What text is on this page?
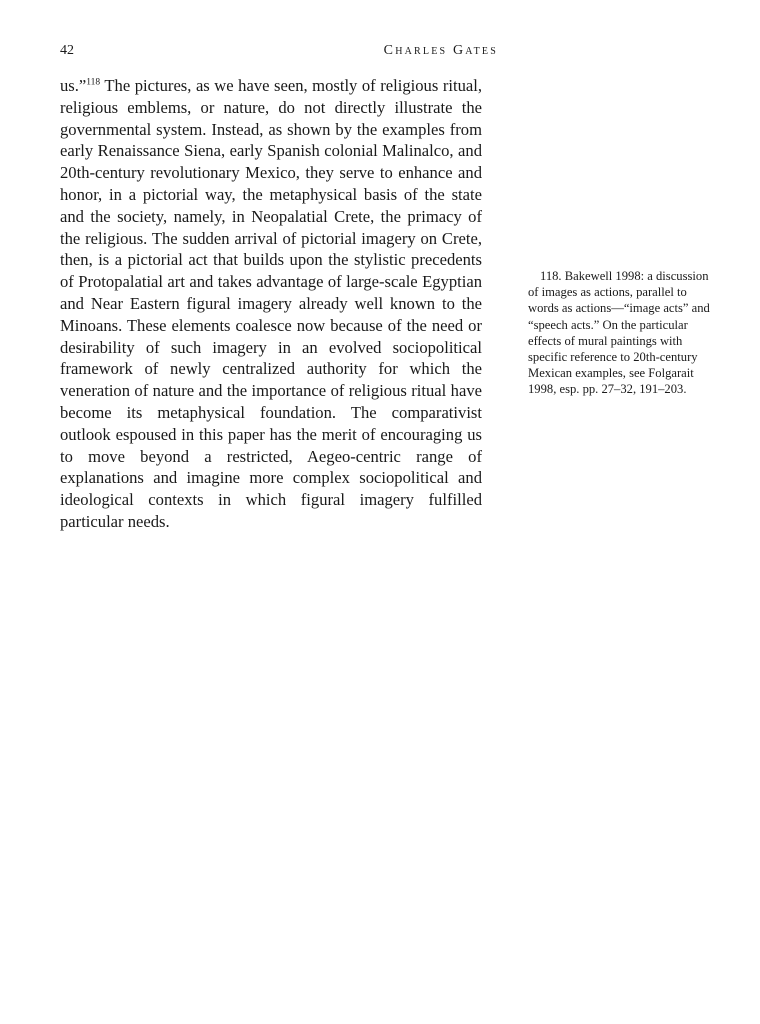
42	Charles Gates

us.”$^{118}$ The pictures, as we have seen, mostly of religious ritual, religious emblems, or nature, do not directly illustrate the governmental system. Instead, as shown by the examples from early Renaissance Siena, early Spanish colonial Malinalco, and 20th-century revolutionary Mexico, they serve to enhance and honor, in a pictorial way, the metaphysical basis of the state and the society, namely, in Neopalatial Crete, the primacy of the religious. The sudden arrival of pictorial imagery on Crete, then, is a pictorial act that builds upon the stylistic precedents of Protopalatial art and takes advantage of large-scale Egyptian and Near Eastern figural imagery already well known to the Minoans. These elements coalesce now because of the need or desirability of such imagery in an evolved sociopolitical framework of newly centralized authority for which the veneration of nature and the importance of religious ritual have become its metaphysical foundation. The comparativist outlook espoused in this paper has the merit of encouraging us to move beyond a restricted, Aegeo-centric range of explanations and imagine more complex sociopolitical and ideological contexts in which figural imagery fulfilled particular needs.

118. Bakewell 1998: a discussion of images as actions, parallel to words as actions—“image acts” and “speech acts.” On the particular effects of mural paintings with specific reference to 20th-century Mexican examples, see Folgarait 1998, esp. pp. 27–32, 191–203.
